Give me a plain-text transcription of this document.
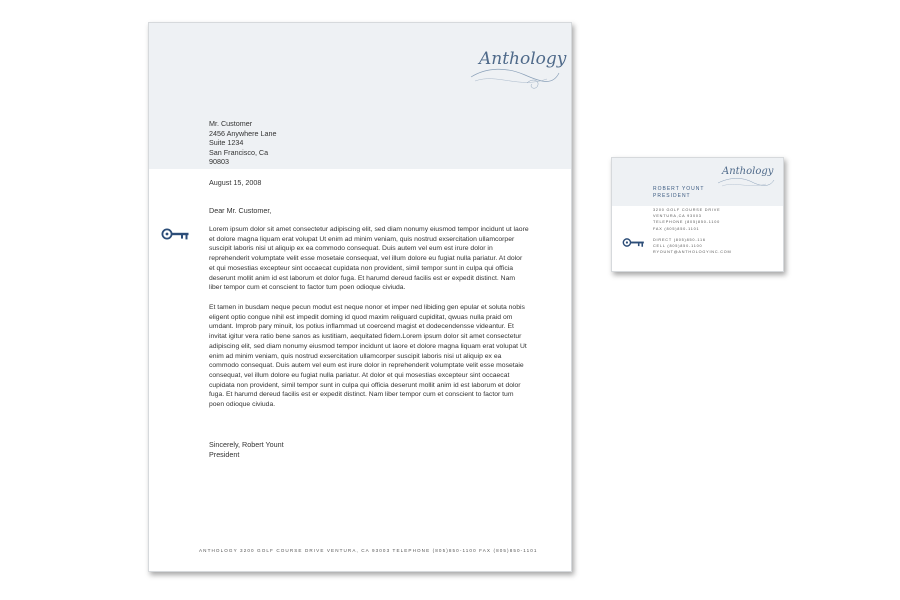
Anthology
Mr. Customer
2456 Anywhere Lane
Suite 1234
San Francisco, Ca
90803
August 15, 2008
Dear Mr. Customer,

Lorem ipsum dolor sit amet consectetur adipiscing elit, sed diam nonumy eiusmod tempor incidunt ut laore et dolore magna liquam erat volupat Ut enim ad minim veniam, quis nostrud exsercitation ullamcorper suscipit laboris nisi ut aliquip ex ea commodo consequat. Duis autem vel eum est irure dolor in reprehenderit volumptate velit esse mosetaie consequat, vel illum dolore eu fugiat nulla pariatur. At dolor et qui mosestias excepteur sint occaecat cupidata non provident, simil tempor sunt in culpa qui officia deserunt mollit anim id est laborum et dolor fuga. Et harumd dereud facilis est er expedit distinct. Nam liber tempor cum et conscient to factor tum poen odioque civiuda.

Et tamen in busdam neque pecun modut est neque nonor et imper ned libiding gen epular et soluta nobis eligent optio congue nihil est impedit doming id quod maxim religuard cupiditat, qwuas nulla praid om umdant. Improb pary minuit, los potius inflammad ut coercend magist et dodecendensse videantur. Et invitat igitur vera ratio bene sanos as iustitiam, aequitated fidem.Lorem ipsum dolor sit amet consectetur adipiscing elit, sed diam nonumy eiusmod tempor incidunt ut laore et dolore magna liquam erat volupat Ut enim ad minim veniam, quis nostrud exsercitation ullamcorper suscipit laboris nisi ut aliquip ex ea commodo consequat. Duis autem vel eum est irure dolor in reprehenderit volumptate velit esse mosetaie consequat, vel illum dolore eu fugiat nulla pariatur. At dolor et qui mosestias excepteur sint occaecat cupidata non provident, simil tempor sunt in culpa qui officia deserunt mollit anim id est laborum et dolor fuga. Et harumd dereud facilis est er expedit distinct. Nam liber tempor cum et conscient to factor tum poen odioque civiuda.

Sincerely, Robert Yount
President
ANTHOLOGY 3200 GOLF COURSE DRIVE VENTURA, CA 93003 TELEPHONE (805)850-1100 FAX (805)850-1101
Anthology
ROBERT YOUNT
PRESIDENT
3200 GOLF COURSE DRIVE
VENTURA,CA 93003
TELEPHONE (805)850-1100
FAX (805)850-1101
DIRECT (805)850-116
CELL (805)850-1100
RYOUNT@ANTHOLOGYINC.COM
